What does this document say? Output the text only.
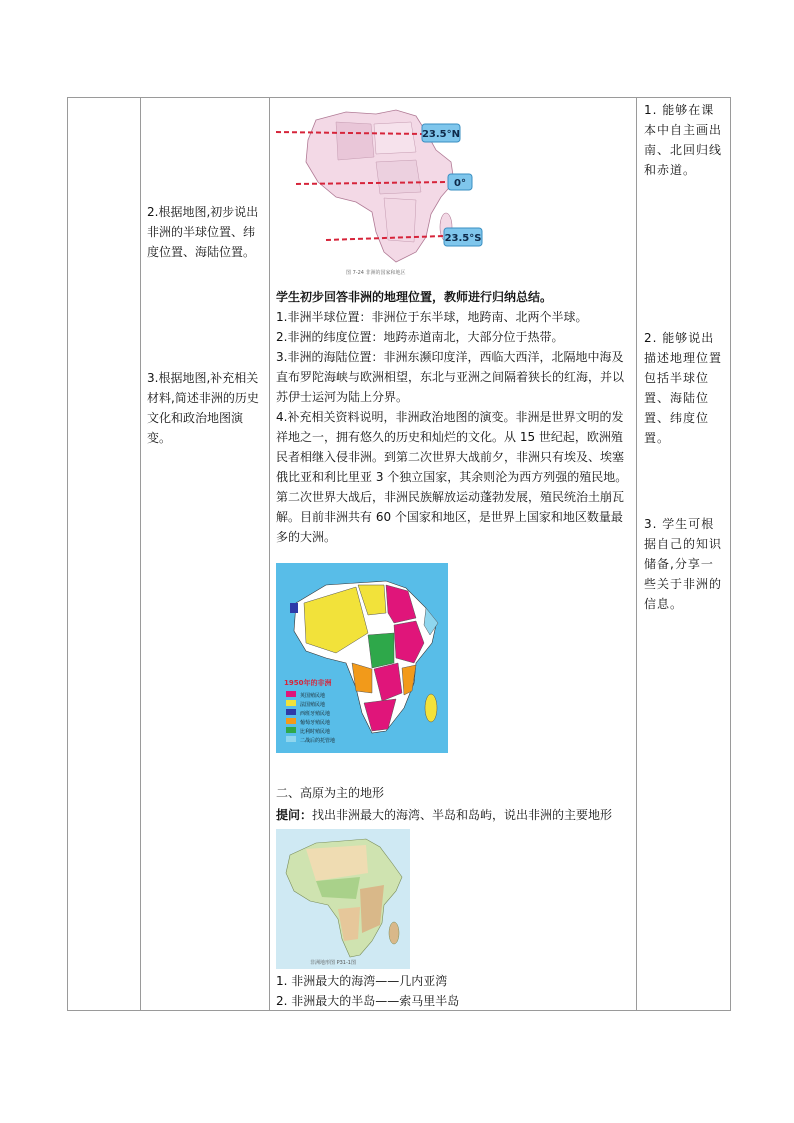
2.根据地图,初步说出非洲的半球位置、纬度位置、海陆位置。
3.根据地图,补充相关材料,简述非洲的历史文化和政治地图演变。
23.5°N
0°
23.5°S
图 7-24 非洲的国家和地区
学生初步回答非洲的地理位置，教师进行归纳总结。
1.非洲半球位置：非洲位于东半球，地跨南、北两个半球。
2.非洲的纬度位置：地跨赤道南北，大部分位于热带。
3.非洲的海陆位置：非洲东濒印度洋，西临大西洋，北隔地中海及直布罗陀海峡与欧洲相望，东北与亚洲之间隔着狭长的红海，并以苏伊士运河为陆上分界。
4.补充相关资料说明，非洲政治地图的演变。非洲是世界文明的发祥地之一，拥有悠久的历史和灿烂的文化。从 15 世纪起，欧洲殖民者相继入侵非洲。到第二次世界大战前夕，非洲只有埃及、埃塞俄比亚和利比里亚 3 个独立国家，其余则沦为西方列强的殖民地。第二次世界大战后，非洲民族解放运动蓬勃发展，殖民统治土崩瓦解。目前非洲共有 60 个国家和地区，是世界上国家和地区数量最多的大洲。
1950年的非洲
英国殖民地
法国殖民地
西班牙殖民地
葡萄牙殖民地
比利时殖民地
二战后的托管地
二、高原为主的地形
提问：找出非洲最大的海湾、半岛和岛屿，说出非洲的主要地形
非洲地形图 P31-1图
1. 非洲最大的海湾——几内亚湾
2. 非洲最大的半岛——索马里半岛
1. 能够在课本中自主画出南、北回归线和赤道。
2. 能够说出描述地理位置包括半球位置、海陆位置、纬度位置。
3. 学生可根据自己的知识储备,分享一些关于非洲的信息。
